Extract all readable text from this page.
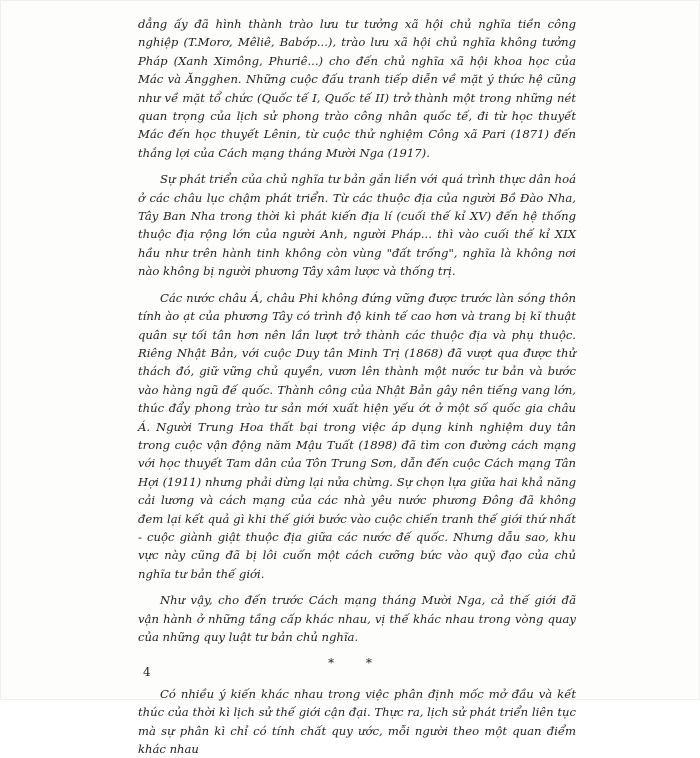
dẳng ấy đã hình thành trào lưu tư tưởng xã hội chủ nghĩa tiền công nghiệp (T.Morơ, Mêliê, Babớp...), trào lưu xã hội chủ nghĩa không tưởng Pháp (Xanh Ximông, Phuriê...) cho đến chủ nghĩa xã hội khoa học của Mác và Ăngghen. Những cuộc đấu tranh tiếp diễn về mặt ý thức hệ cũng như về mặt tổ chức (Quốc tế I, Quốc tế II) trở thành một trong những nét quan trọng của lịch sử phong trào công nhân quốc tế, đi từ học thuyết Mác đến học thuyết Lênin, từ cuộc thử nghiệm Công xã Pari (1871) đến thắng lợi của Cách mạng tháng Mười Nga (1917).

Sự phát triển của chủ nghĩa tư bản gắn liền với quá trình thực dân hoá ở các châu lục chậm phát triển. Từ các thuộc địa của người Bồ Đào Nha, Tây Ban Nha trong thời kì phát kiến địa lí (cuối thế kỉ XV) đến hệ thống thuộc địa rộng lớn của người Anh, người Pháp... thì vào cuối thế kỉ XIX hầu như trên hành tinh không còn vùng "đất trống", nghĩa là không nơi nào không bị người phương Tây xâm lược và thống trị.

Các nước châu Á, châu Phi không đứng vững được trước làn sóng thôn tính ào ạt của phương Tây có trình độ kinh tế cao hơn và trang bị kĩ thuật quân sự tối tân hơn nên lần lượt trở thành các thuộc địa và phụ thuộc. Riêng Nhật Bản, với cuộc Duy tân Minh Trị (1868) đã vượt qua được thử thách đó, giữ vững chủ quyền, vươn lên thành một nước tư bản và bước vào hàng ngũ đế quốc. Thành công của Nhật Bản gây nên tiếng vang lớn, thúc đẩy phong trào tư sản mới xuất hiện yếu ớt ở một số quốc gia châu Á. Người Trung Hoa thất bại trong việc áp dụng kinh nghiệm duy tân trong cuộc vận động năm Mậu Tuất (1898) đã tìm con đường cách mạng với học thuyết Tam dân của Tôn Trung Sơn, dẫn đến cuộc Cách mạng Tân Hợi (1911) nhưng phải dừng lại nửa chừng. Sự chọn lựa giữa hai khả năng cải lương và cách mạng của các nhà yêu nước phương Đông đã không đem lại kết quả gì khi thế giới bước vào cuộc chiến tranh thế giới thứ nhất - cuộc giành giật thuộc địa giữa các nước đế quốc. Nhưng dẫu sao, khu vực này cũng đã bị lôi cuốn một cách cưỡng bức vào quỹ đạo của chủ nghĩa tư bản thế giới.

Như vậy, cho đến trước Cách mạng tháng Mười Nga, cả thế giới đã vận hành ở những tầng cấp khác nhau, vị thế khác nhau trong vòng quay của những quy luật tư bản chủ nghĩa.

* *

Có nhiều ý kiến khác nhau trong việc phân định mốc mở đầu và kết thúc của thời kì lịch sử thế giới cận đại. Thực ra, lịch sử phát triển liên tục mà sự phân kì chỉ có tính chất quy ước, mỗi người theo một quan điểm khác nhau

4
